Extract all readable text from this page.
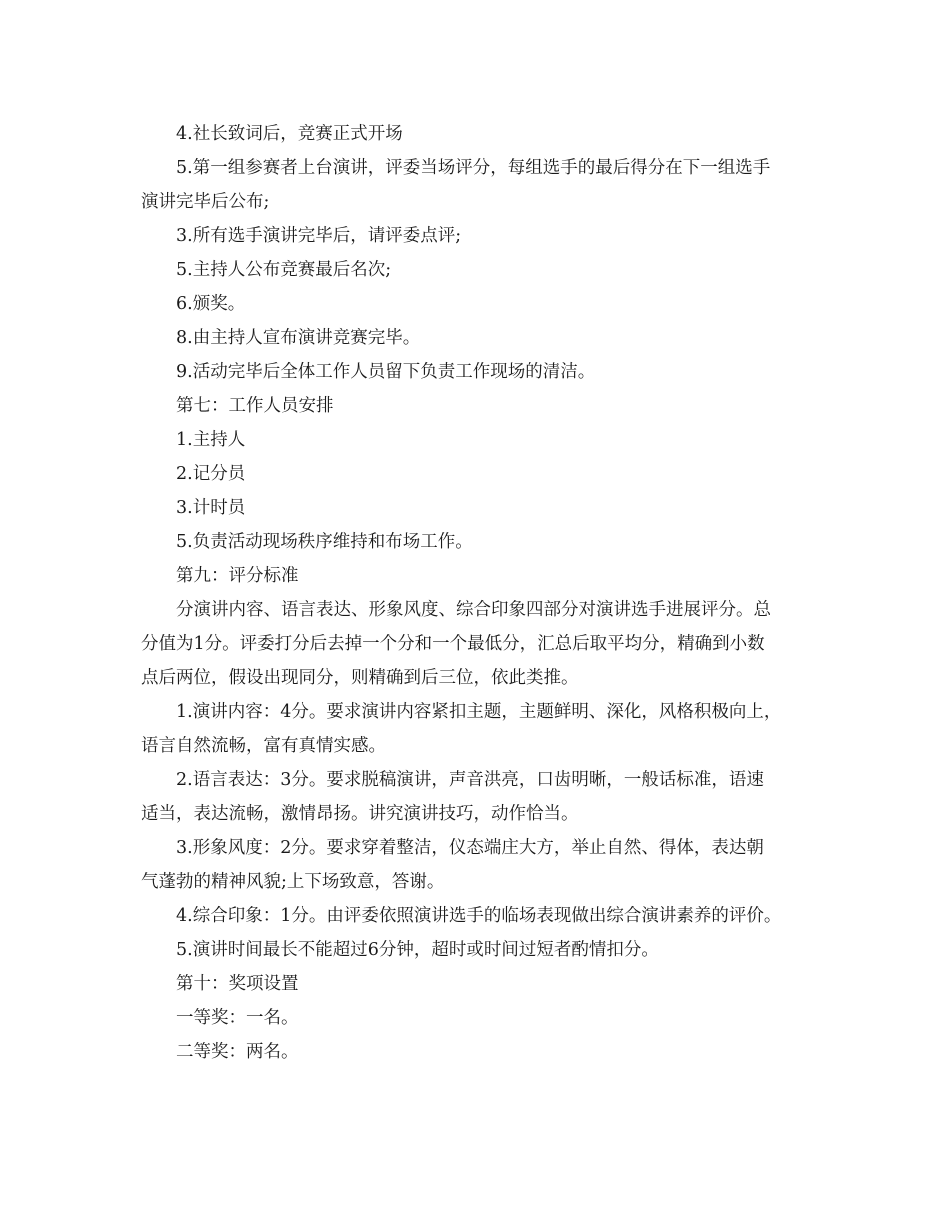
4.社长致词后，竞赛正式开场
5.第一组参赛者上台演讲，评委当场评分，每组选手的最后得分在下一组选手
演讲完毕后公布;
3.所有选手演讲完毕后，请评委点评;
5.主持人公布竞赛最后名次;
6.颁奖。
8.由主持人宣布演讲竞赛完毕。
9.活动完毕后全体工作人员留下负责工作现场的清洁。
第七：工作人员安排
1.主持人
2.记分员
3.计时员
5.负责活动现场秩序维持和布场工作。
第九：评分标准
分演讲内容、语言表达、形象风度、综合印象四部分对演讲选手进展评分。总
分值为1分。评委打分后去掉一个分和一个最低分，汇总后取平均分，精确到小数
点后两位，假设出现同分，则精确到后三位，依此类推。
1.演讲内容：4分。要求演讲内容紧扣主题，主题鲜明、深化，风格积极向上，
语言自然流畅，富有真情实感。
2.语言表达：3分。要求脱稿演讲，声音洪亮，口齿明晰，一般话标准，语速
适当，表达流畅，激情昂扬。讲究演讲技巧，动作恰当。
3.形象风度：2分。要求穿着整洁，仪态端庄大方，举止自然、得体，表达朝
气蓬勃的精神风貌;上下场致意，答谢。
4.综合印象：1分。由评委依照演讲选手的临场表现做出综合演讲素养的评价。
5.演讲时间最长不能超过6分钟，超时或时间过短者酌情扣分。
第十：奖项设置
一等奖：一名。
二等奖：两名。
